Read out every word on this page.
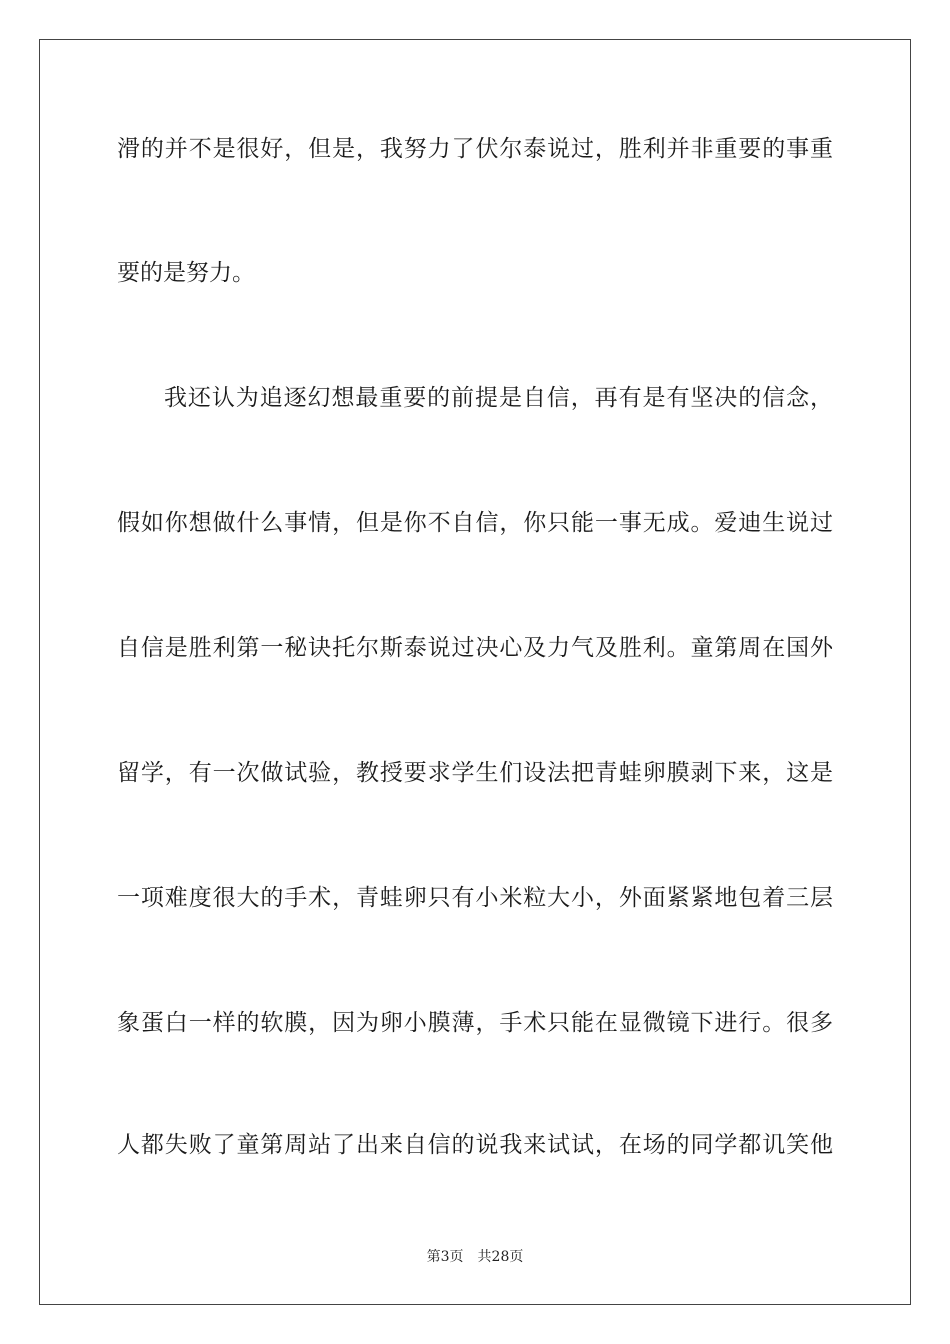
滑的并不是很好，但是，我努力了伏尔泰说过，胜利并非重要的事重
要的是努力。
我还认为追逐幻想最重要的前提是自信，再有是有坚决的信念，
假如你想做什么事情，但是你不自信，你只能一事无成。爱迪生说过
自信是胜利第一秘诀托尔斯泰说过决心及力气及胜利。童第周在国外
留学，有一次做试验，教授要求学生们设法把青蛙卵膜剥下来，这是
一项难度很大的手术，青蛙卵只有小米粒大小，外面紧紧地包着三层
象蛋白一样的软膜，因为卵小膜薄，手术只能在显微镜下进行。很多
人都失败了童第周站了出来自信的说我来试试，在场的同学都讥笑他
第3页 共28页
